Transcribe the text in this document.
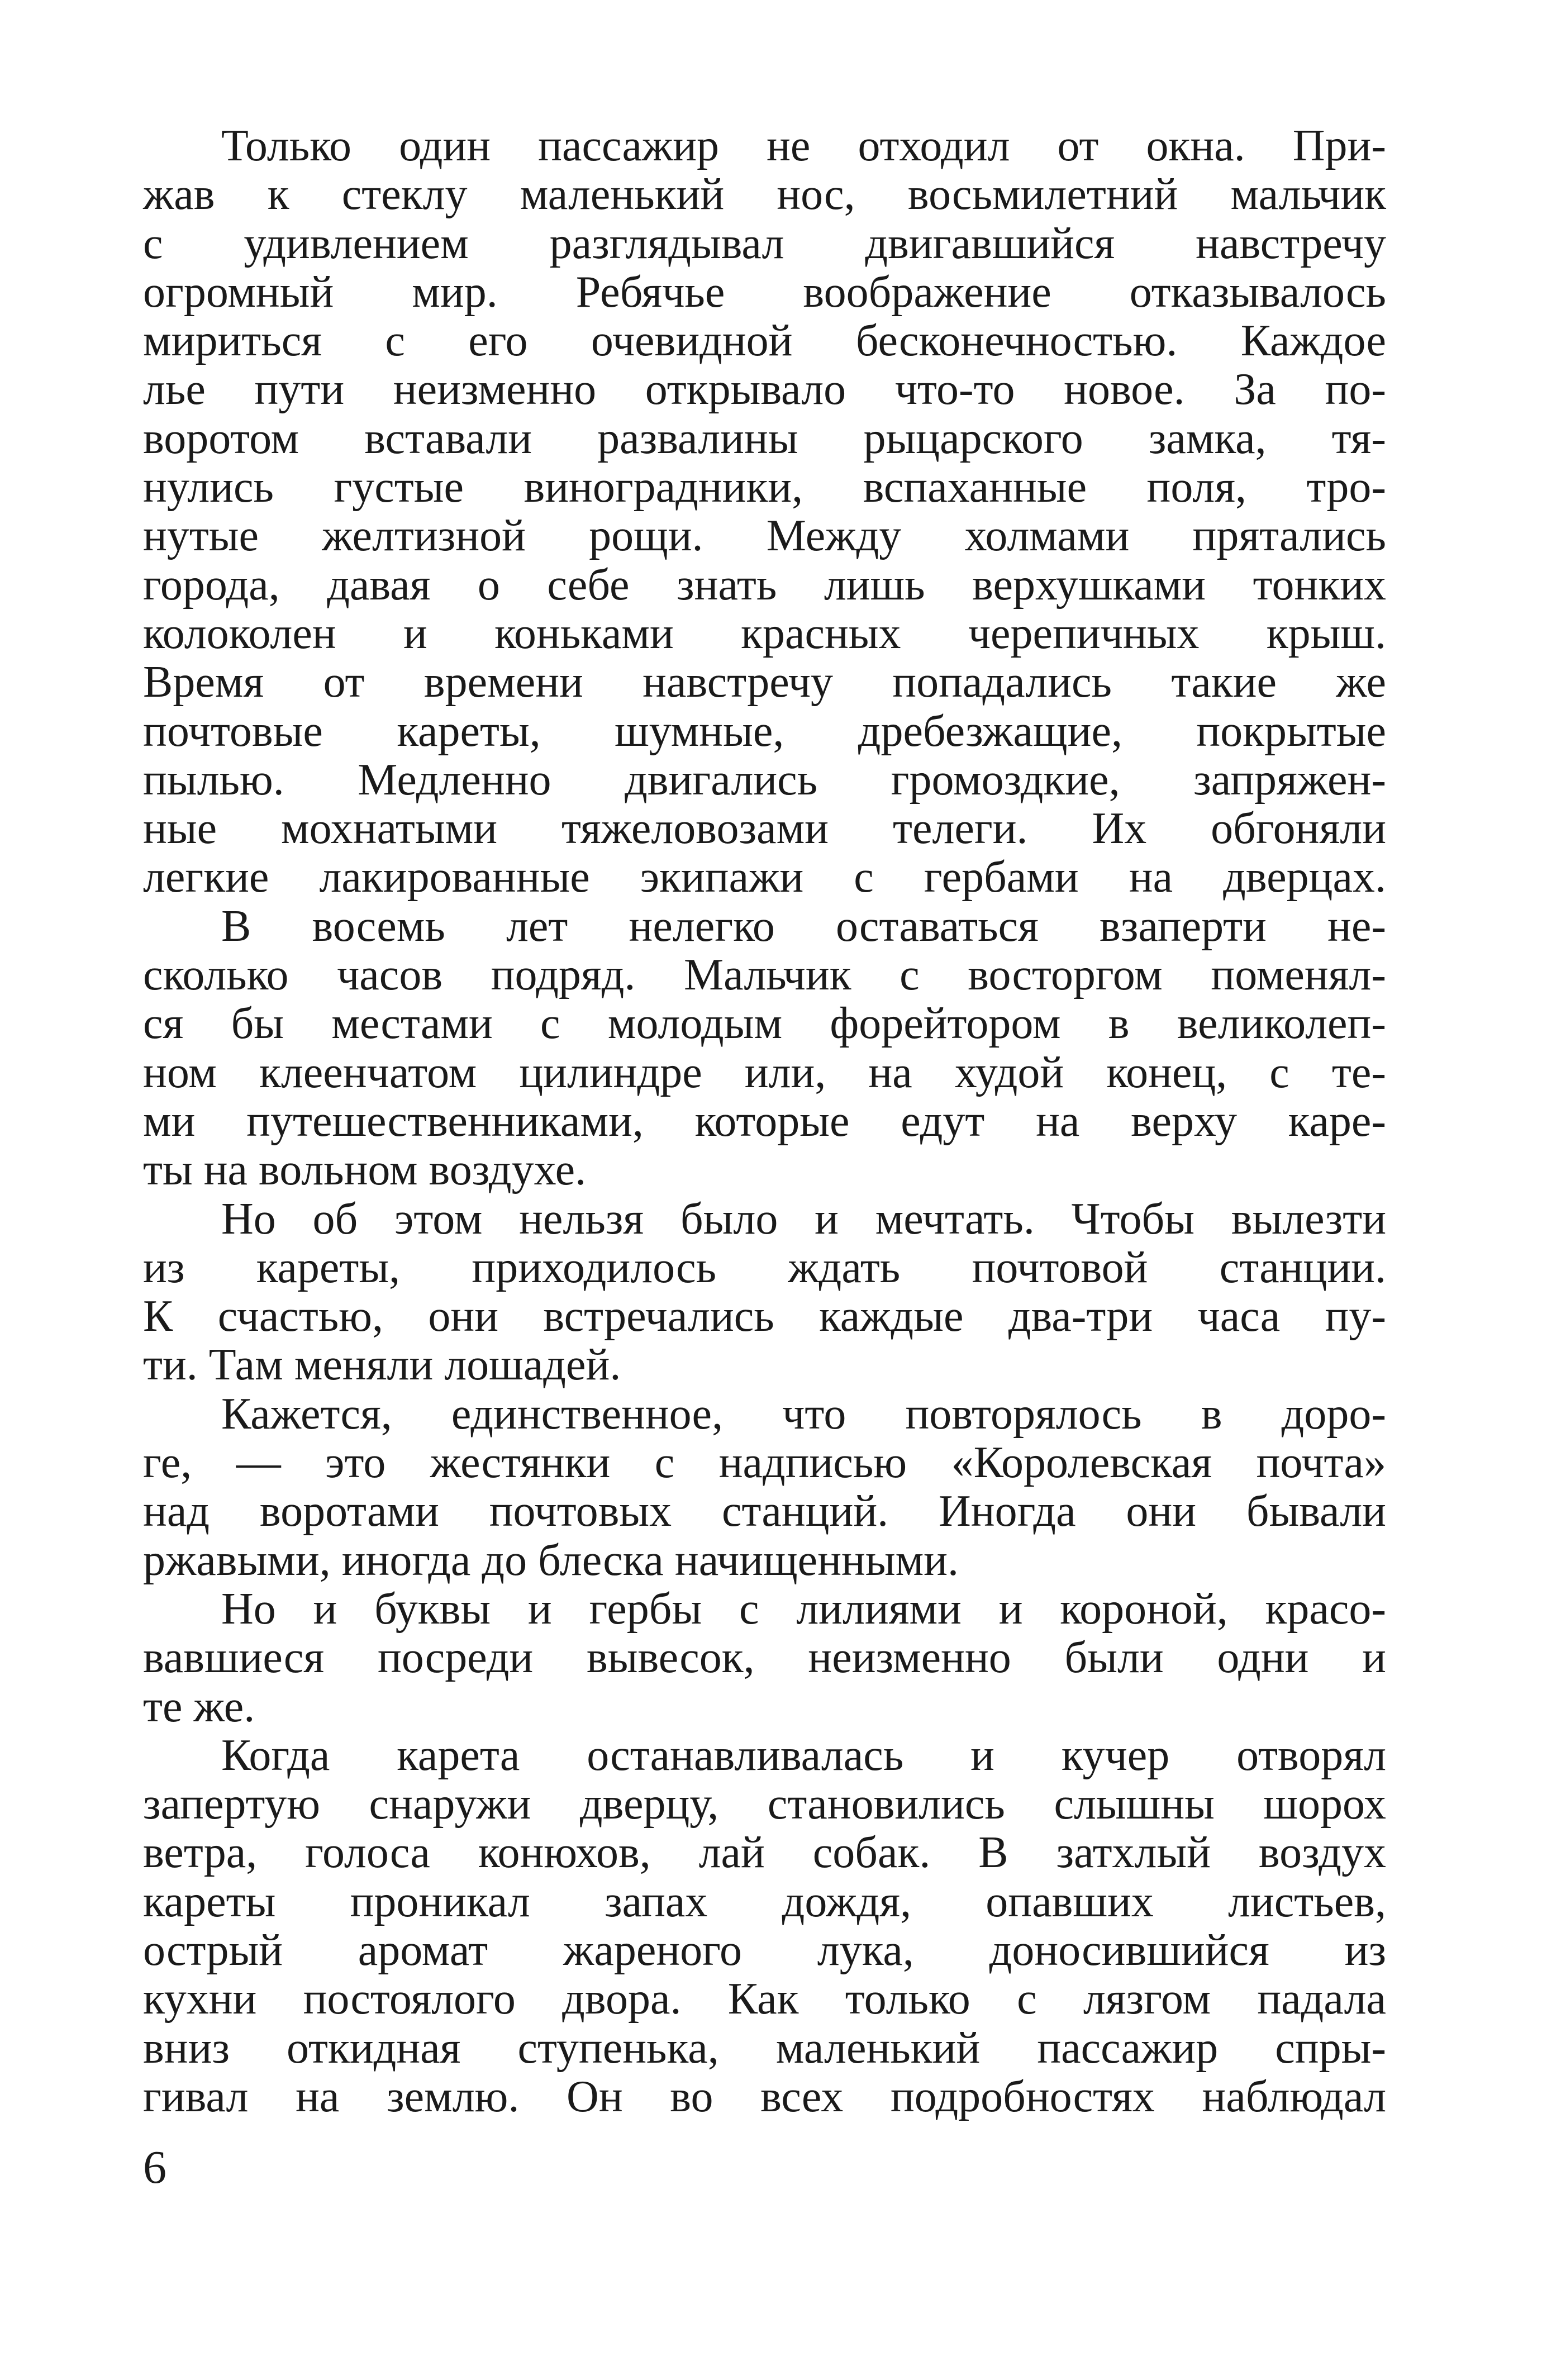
Только один пассажир не отходил от окна. При-
жав к стеклу маленький нос, восьмилетний мальчик
с удивлением разглядывал двигавшийся навстречу
огромный мир. Ребячье воображение отказывалось
мириться с его очевидной бесконечностью. Каждое
лье пути неизменно открывало что-то новое. За по-
воротом вставали развалины рыцарского замка, тя-
нулись густые виноградники, вспаханные поля, тро-
нутые желтизной рощи. Между холмами прятались
города, давая о себе знать лишь верхушками тонких
колоколен и коньками красных черепичных крыш.
Время от времени навстречу попадались такие же
почтовые кареты, шумные, дребезжащие, покрытые
пылью. Медленно двигались громоздкие, запряжен-
ные мохнатыми тяжеловозами телеги. Их обгоняли
легкие лакированные экипажи с гербами на дверцах.
В восемь лет нелегко оставаться взаперти не-
сколько часов подряд. Мальчик с восторгом поменял-
ся бы местами с молодым форейтором в великолеп-
ном клеенчатом цилиндре или, на худой конец, с те-
ми путешественниками, которые едут на верху каре-
ты на вольном воздухе.
Но об этом нельзя было и мечтать. Чтобы вылезти
из кареты, приходилось ждать почтовой станции.
К счастью, они встречались каждые два-три часа пу-
ти. Там меняли лошадей.
Кажется, единственное, что повторялось в доро-
ге, — это жестянки с надписью «Королевская почта»
над воротами почтовых станций. Иногда они бывали
ржавыми, иногда до блеска начищенными.
Но и буквы и гербы с лилиями и короной, красо-
вавшиеся посреди вывесок, неизменно были одни и
те же.
Когда карета останавливалась и кучер отворял
запертую снаружи дверцу, становились слышны шорох
ветра, голоса конюхов, лай собак. В затхлый воздух
кареты проникал запах дождя, опавших листьев,
острый аромат жареного лука, доносившийся из
кухни постоялого двора. Как только с лязгом падала
вниз откидная ступенька, маленький пассажир спры-
гивал на землю. Он во всех подробностях наблюдал
6
